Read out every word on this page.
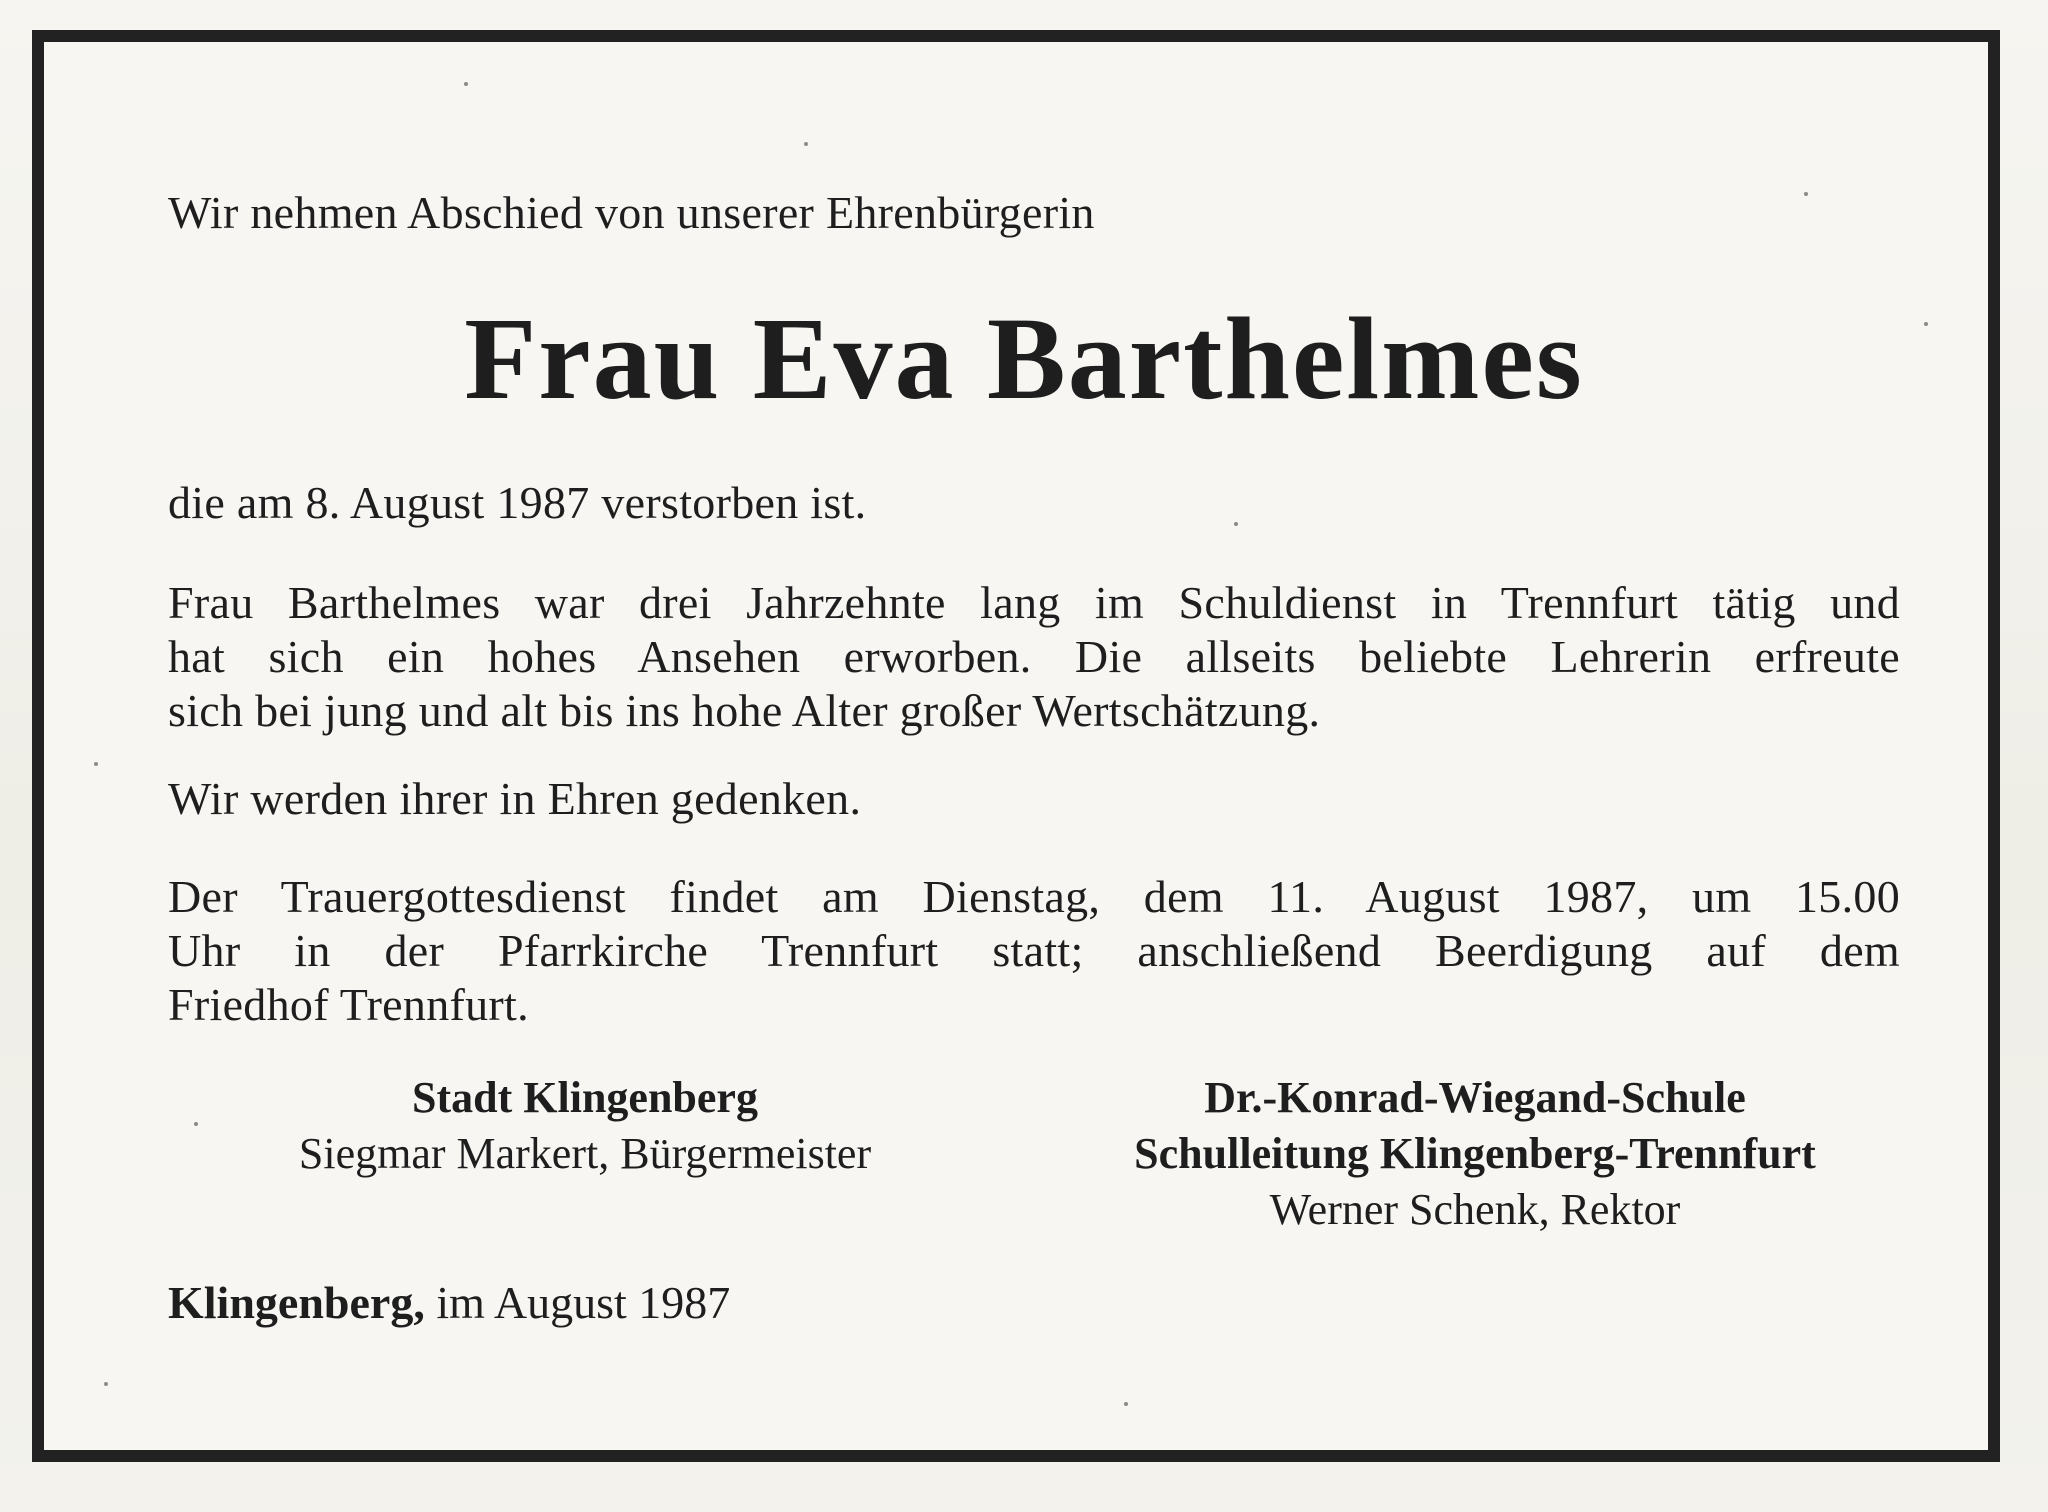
Wir nehmen Abschied von unserer Ehrenbürgerin
Frau Eva Barthelmes
die am 8. August 1987 verstorben ist.
Frau Barthelmes war drei Jahrzehnte lang im Schuldienst in Trennfurt tätig und
hat sich ein hohes Ansehen erworben. Die allseits beliebte Lehrerin erfreute
sich bei jung und alt bis ins hohe Alter großer Wertschätzung.
Wir werden ihrer in Ehren gedenken.
Der Trauergottesdienst findet am Dienstag, dem 11. August 1987, um 15.00
Uhr in der Pfarrkirche Trennfurt statt; anschließend Beerdigung auf dem
Friedhof Trennfurt.
Stadt Klingenberg
Siegmar Markert, Bürgermeister
Dr.-Konrad-Wiegand-Schule
Schulleitung Klingenberg-Trennfurt
Werner Schenk, Rektor
Klingenberg, im August 1987
